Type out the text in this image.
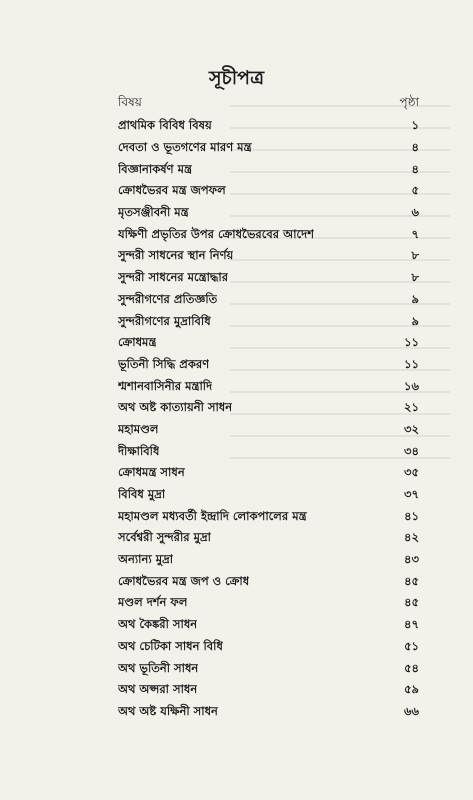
সূচীপত্র
বিষয়	পৃষ্ঠা
প্রাথমিক বিবিধ বিষয়	১
দেবতা ও ভূতগণের মারণ মন্ত্র	৪
বিজ্ঞানাকর্ষণ মন্ত্র	৪
ক্রোধভৈরব মন্ত্র জপফল	৫
মৃতসঞ্জীবনী মন্ত্র	৬
যক্ষিণী প্রভৃতির উপর ক্রোধভৈরবের আদেশ	৭
সুন্দরী সাধনের স্থান নির্ণয়	৮
সুন্দরী সাধনের মন্ত্রোদ্ধার	৮
সুন্দরীগণের প্রতিজ্ঞতি	৯
সুন্দরীগণের মুদ্রাবিধি	৯
ক্রোধমন্ত্র	১১
ভূতিনী সিদ্ধি প্রকরণ	১১
শ্মশানবাসিনীর মন্ত্রাদি	১৬
অথ অষ্ট কাত্যায়নী সাধন	২১
মহামণ্ডল	৩২
দীক্ষাবিধি	৩৪
ক্রোধমন্ত্র সাধন	৩৫
বিবিধ মুদ্রা	৩৭
মহামণ্ডল মধ্যবর্তী ইন্দ্রাদি লোকপালের মন্ত্র	৪১
সর্বেশ্বরী সুন্দরীর মুদ্রা	৪২
অন্যান্য মুদ্রা	৪৩
ক্রোধভৈরব মন্ত্র জপ ও ক্রোধ	৪৫
মণ্ডল দর্শন ফল	৪৫
অথ কৈঙ্করী সাধন	৪৭
অথ চেটিকা সাধন বিধি	৫১
অথ ভূতিনী সাধন	৫৪
অথ অপ্সরা সাধন	৫৯
অথ অষ্ট যক্ষিনী সাধন	৬৬
